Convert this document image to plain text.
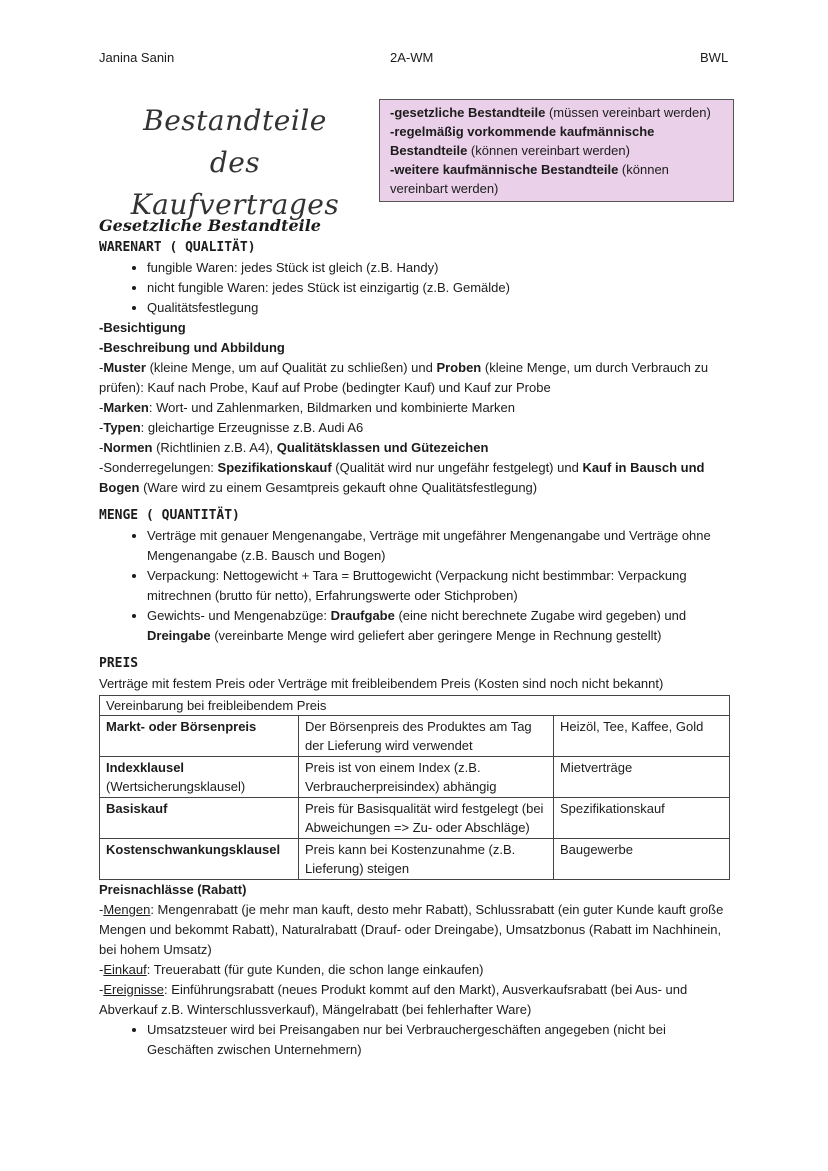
Janina Sanin	2A-WM	BWL
Bestandteile des
Kaufvertrages
-gesetzliche Bestandteile (müssen vereinbart werden)
-regelmäßig vorkommende kaufmännische Bestandteile (können vereinbart werden)
-weitere kaufmännische Bestandteile (können vereinbart werden)
Gesetzliche Bestandteile
WARENART ( QUALITÄT)
• fungible Waren: jedes Stück ist gleich (z.B. Handy)
• nicht fungible Waren: jedes Stück ist einzigartig (z.B. Gemälde)
• Qualitätsfestlegung

-Besichtigung

-Beschreibung und Abbildung

-Muster (kleine Menge, um auf Qualität zu schließen) und Proben (kleine Menge, um durch Verbrauch zu prüfen): Kauf nach Probe, Kauf auf Probe (bedingter Kauf) und Kauf zur Probe

-Marken: Wort- und Zahlenmarken, Bildmarken und kombinierte Marken

-Typen: gleichartige Erzeugnisse z.B. Audi A6

-Normen (Richtlinien z.B. A4), Qualitätsklassen und Gütezeichen

-Sonderregelungen: Spezifikationskauf (Qualität wird nur ungefähr festgelegt) und Kauf in Bausch und Bogen (Ware wird zu einem Gesamtpreis gekauft ohne Qualitätsfestlegung)

MENGE ( QUANTITÄT)
• Verträge mit genauer Mengenangabe, Verträge mit ungefährer Mengenangabe und Verträge ohne Mengenangabe (z.B. Bausch und Bogen)
• Verpackung: Nettogewicht + Tara = Bruttogewicht (Verpackung nicht bestimmbar: Verpackung mitrechnen (brutto für netto), Erfahrungswerte oder Stichproben)
• Gewichts- und Mengenabzüge: Draufgabe (eine nicht berechnete Zugabe wird gegeben) und Dreingabe (vereinbarte Menge wird geliefert aber geringere Menge in Rechnung gestellt)
PREIS

Verträge mit festem Preis oder Verträge mit freibleibendem Preis (Kosten sind noch nicht bekannt)

Vereinbarung bei freibleibendem Preis		
Markt- oder Börsenpreis	Der Börsenpreis des Produktes am Tag der Lieferung wird verwendet	Heizöl, Tee, Kaffee, Gold
Indexklausel
(Wertsicherungsklausel)	Preis ist von einem Index (z.B. Verbraucherpreisindex) abhängig	Mietverträge
Basiskauf	Preis für Basisqualität wird festgelegt (bei Abweichungen => Zu- oder Abschläge)	Spezifikationskauf
Kostenschwankungsklausel	Preis kann bei Kostenzunahme (z.B. Lieferung) steigen	Baugewerbe

Preisnachlässe (Rabatt)

-Mengen: Mengenrabatt (je mehr man kauft, desto mehr Rabatt), Schlussrabatt (ein guter Kunde kauft große Mengen und bekommt Rabatt), Naturalrabatt (Drauf- oder Dreingabe), Umsatzbonus (Rabatt im Nachhinein, bei hohem Umsatz)

-Einkauf: Treuerabatt (für gute Kunden, die schon lange einkaufen)

-Ereignisse: Einführungsrabatt (neues Produkt kommt auf den Markt), Ausverkaufsrabatt (bei Aus- und Abverkauf z.B. Winterschlussverkauf), Mängelrabatt (bei fehlerhafter Ware)

• Umsatzsteuer wird bei Preisangaben nur bei Verbrauchergeschäften angegeben (nicht bei Geschäften zwischen Unternehmern)
